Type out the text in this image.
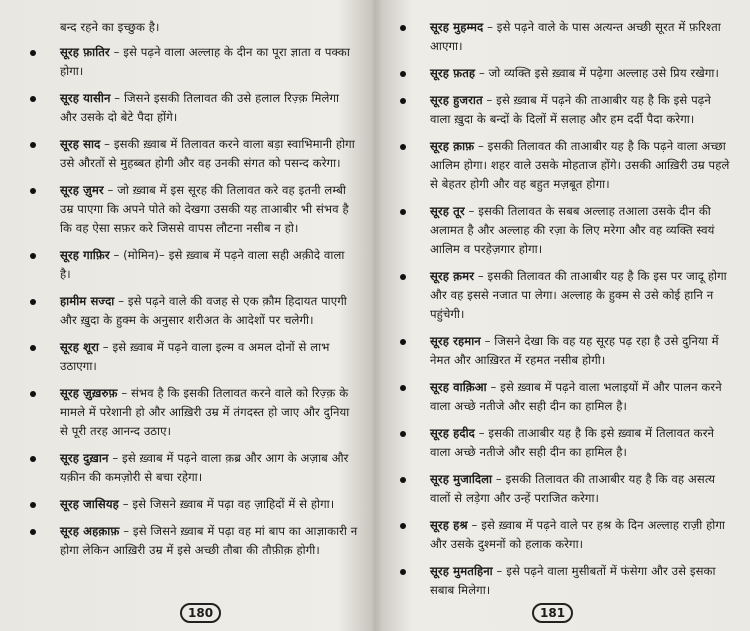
बन्द रहने का इच्छुक है।
सूरह फ़ातिर – इसे पढ़ने वाला अल्लाह के दीन का पूरा ज्ञाता व पक्का होगा।
सूरह यासीन – जिसने इसकी तिलावत की उसे हलाल रिज़्क़ मिलेगा और उसके दो बेटे पैदा होंगे।
सूरह साद – इसकी ख़्वाब में तिलावत करने वाला बड़ा स्वाभिमानी होगा उसे औरतों से मुहब्बत होगी और वह उनकी संगत को पसन्द करेगा।
सूरह ज़ुमर – जो ख़्वाब में इस सूरह की तिलावत करे वह इतनी लम्बी उम्र पाएगा कि अपने पोते को देखगा उसकी यह ताआबीर भी संभव है कि वह ऐसा सफ़र करे जिससे वापस लौटना नसीब न हो।
सूरह गाफ़िर – (मोमिन)– इसे ख़्वाब में पढ़ने वाला सही अक़ीदे वाला है।
हामीम सज्दा – इसे पढ़ने वाले की वजह से एक क़ौम हिदायत पाएगी और ख़ुदा के हुक्म के अनुसार शरीअत के आदेशों पर चलेगी।
सूरह शूरा – इसे ख़्वाब में पढ़ने वाला इल्म व अमल दोनों से लाभ उठाएगा।
सूरह ज़ुख़रुफ़ – संभव है कि इसकी तिलावत करने वाले को रिज़्क़ के मामले में परेशानी हो और आख़िरी उम्र में तंगदस्त हो जाए और दुनिया से पूरी तरह आनन्द उठाए।
सूरह दुख़ान – इसे ख़्वाब में पढ़ने वाला क़ब्र और आग के अज़ाब और यक़ीन की कमज़ोरी से बचा रहेगा।
सूरह जासियह – इसे जिसने ख़्वाब में पढ़ा वह ज़ाहिदों में से होगा।
सूरह अहक़ाफ़ – इसे जिसने ख़्वाब में पढ़ा वह मां बाप का आज्ञाकारी न होगा लेकिन आख़िरी उम्र में इसे अच्छी तौबा की तौफ़ीक़ होगी।
180
सूरह मुहम्मद – इसे पढ़ने वाले के पास अत्यन्त अच्छी सूरत में फ़रिश्ता आएगा।
सूरह फ़तह – जो व्यक्ति इसे ख़्वाब में पढ़ेगा अल्लाह उसे प्रिय रखेगा।
सूरह हुजरात – इसे ख़्वाब में पढ़ने की ताआबीर यह है कि इसे पढ़ने वाला ख़ुदा के बन्दों के दिलों में सलाह और हम दर्दी पैदा करेगा।
सूरह क़ाफ़ – इसकी तिलावत की ताआबीर यह है कि पढ़ने वाला अच्छा आलिम होगा। शहर वाले उसके मोहताज होंगे। उसकी आख़िरी उम्र पहले से बेहतर होगी और वह बहुत मज़बूत होगा।
सूरह तूर – इसकी तिलावत के सबब अल्लाह तआला उसके दीन की अलामत है और अल्लाह की रज़ा के लिए मरेगा और वह व्यक्ति स्वयं आलिम व परहेज़गार होगा।
सूरह क़मर – इसकी तिलावत की ताआबीर यह है कि इस पर जादू होगा और वह इससे नजात पा लेगा। अल्लाह के हुक्म से उसे कोई हानि न पहुंचेगी।
सूरह रहमान – जिसने देखा कि वह यह सूरह पढ़ रहा है उसे दुनिया में नेमत और आख़िरत में रहमत नसीब होगी।
सूरह वाक़िआ – इसे ख़्वाब में पढ़ने वाला भलाइयों में और पालन करने वाला अच्छे नतीजे और सही दीन का हामिल है।
सूरह हदीद – इसकी ताआबीर यह है कि इसे ख़्वाब में तिलावत करने वाला अच्छे नतीजे और सही दीन का हामिल है।
सूरह मुजादिला – इसकी तिलावत की ताआबीर यह है कि वह असत्य वालों से लड़ेगा और उन्हें पराजित करेगा।
सूरह हश्र – इसे ख़्वाब में पढ़ने वाले पर हश्र के दिन अल्लाह राज़ी होगा और उसके दुश्मनों को हलाक करेगा।
सूरह मुमतहिना – इसे पढ़ने वाला मुसीबतों में फंसेगा और उसे इसका सबाब मिलेगा।
181
